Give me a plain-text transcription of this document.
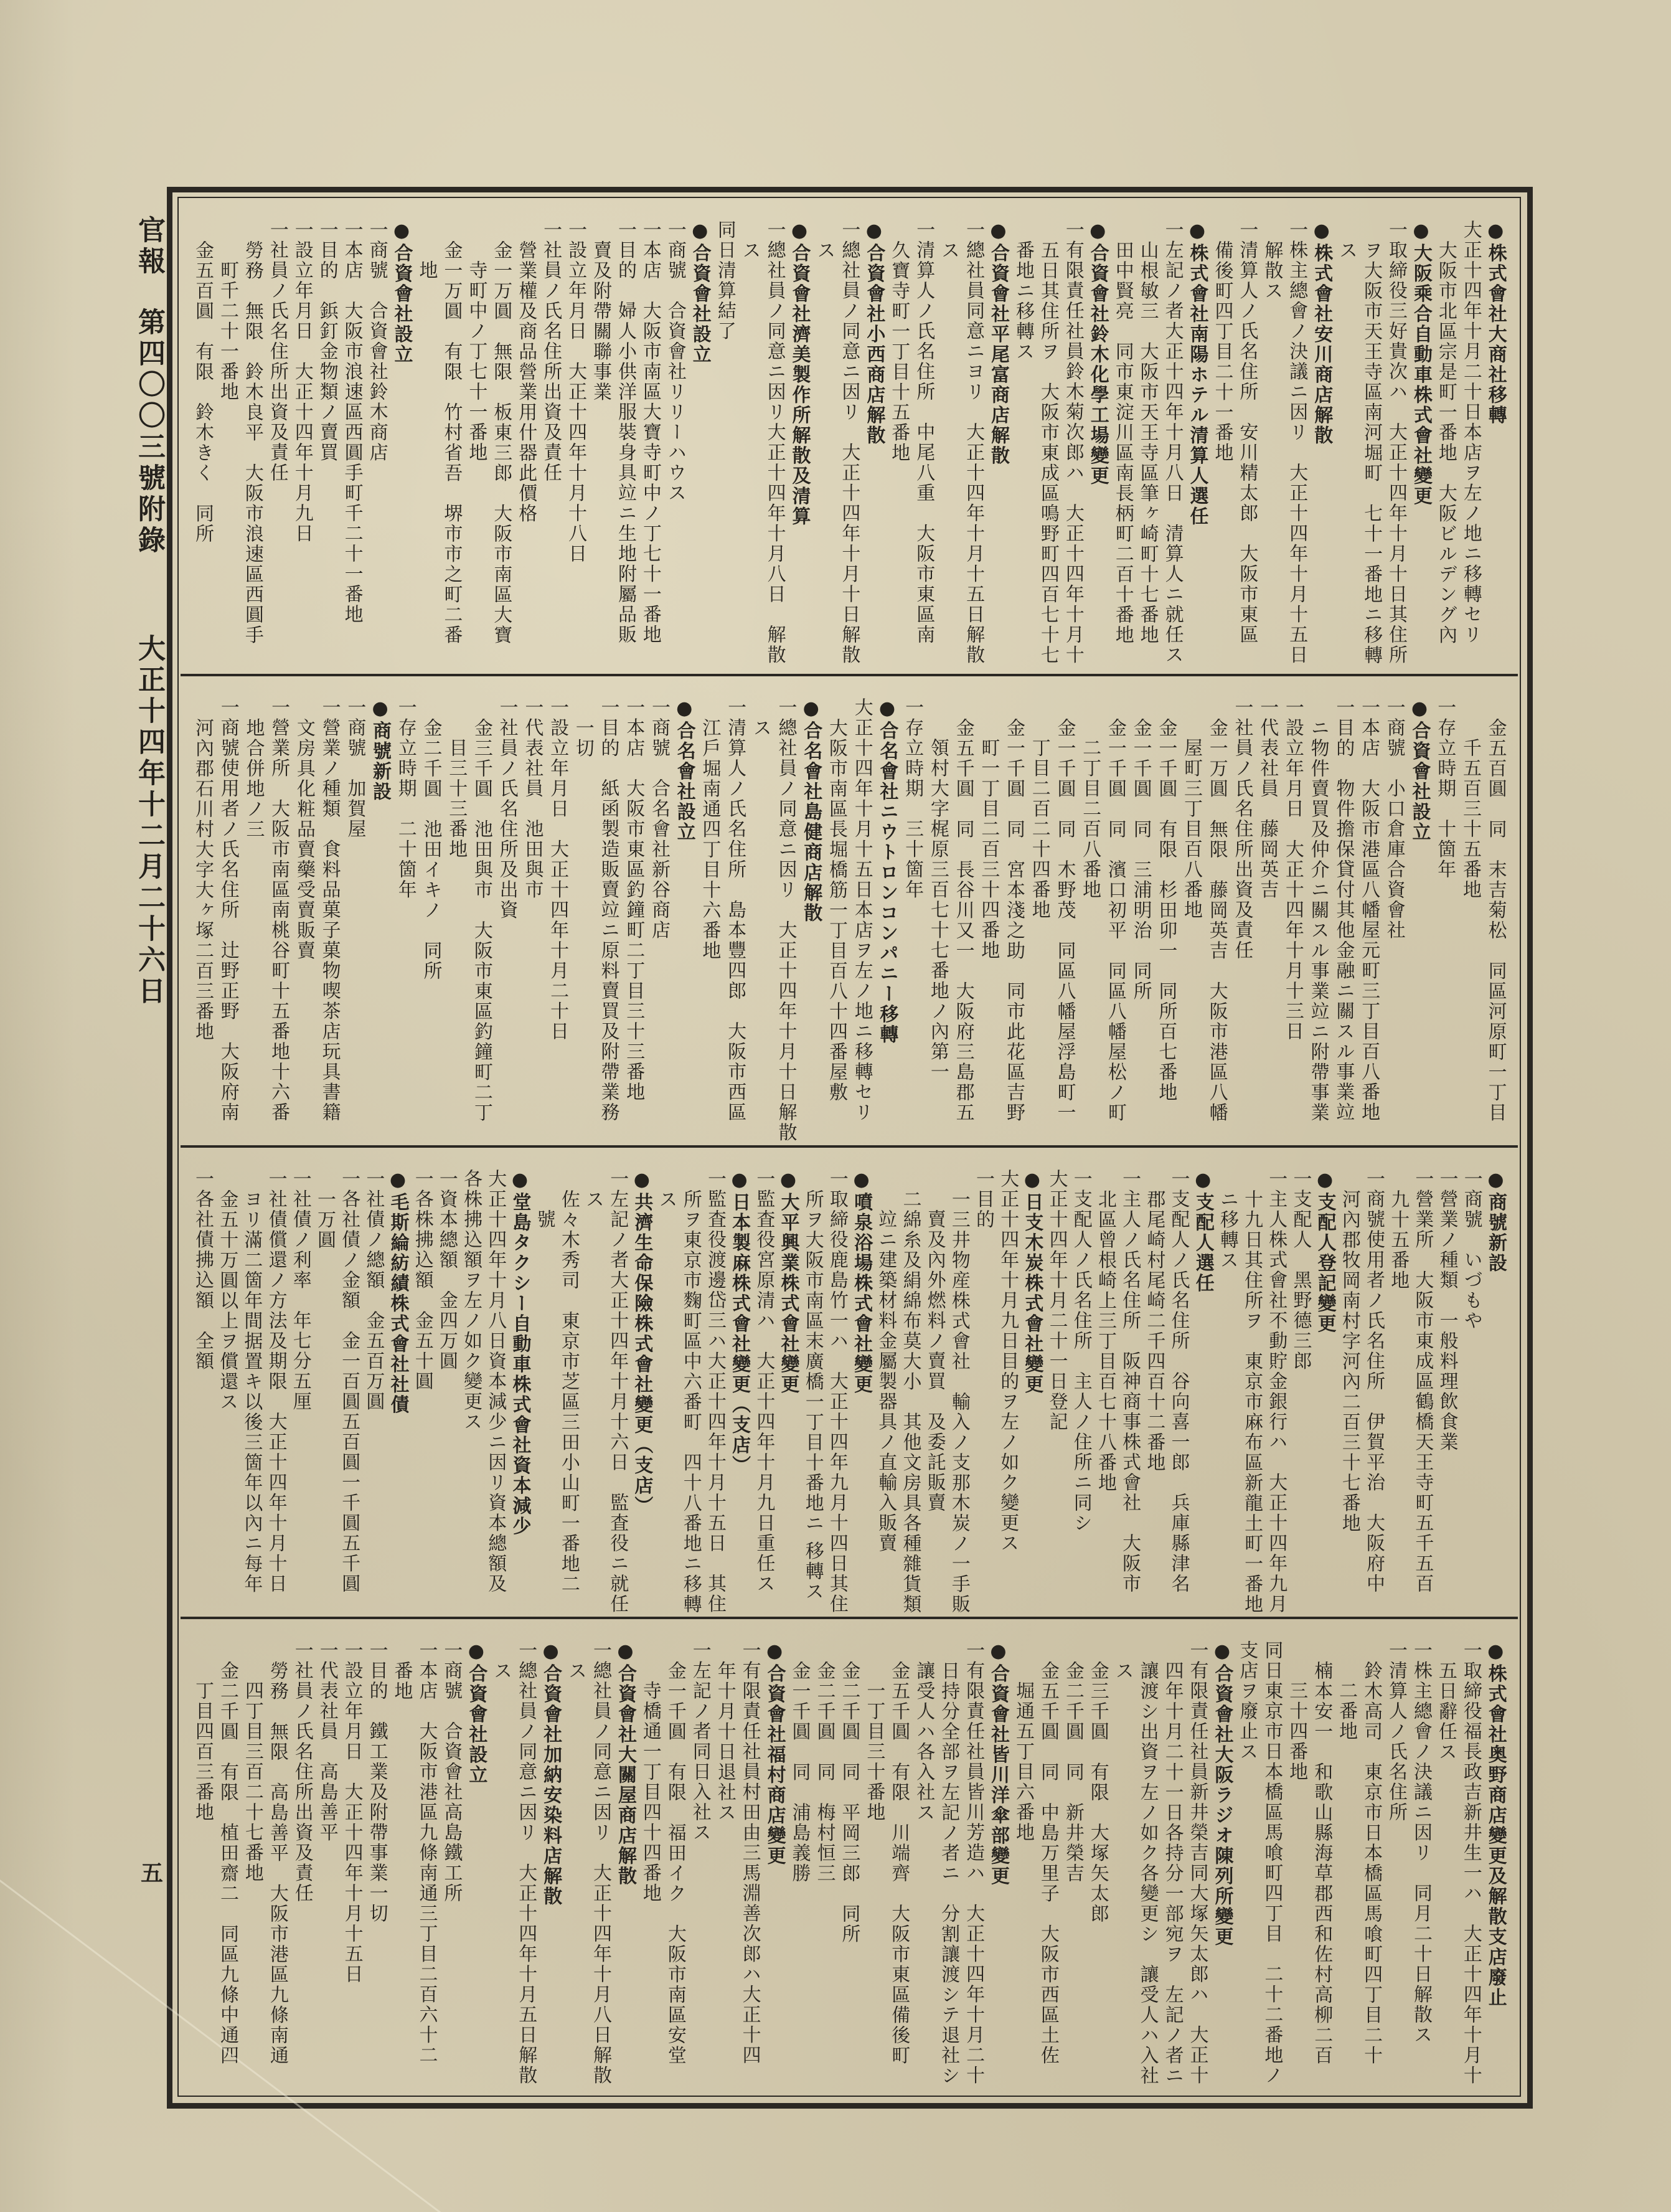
官報
第四〇〇三號附錄
大正十四年十二月二十六日
五
●株式會社大商社移轉
大正十四年十月二十日本店ヲ左ノ地ニ移轉セリ
大阪市北區宗是町一番地　大阪ビルデング內
●大阪乘合自動車株式會社變更
一取締役三好貴次ハ　大正十四年十月十日其住所
ヲ大阪市天王寺區南河堀町　七十一番地ニ移轉
ス
●株式會社安川商店解散
一株主總會ノ決議ニ因リ　大正十四年十月十五日
解散ス
一清算人ノ氏名住所　安川精太郎　大阪市東區
備後町四丁目二十一番地
●株式會社南陽ホテル清算人選任
一左記ノ者大正十四年十月八日　清算人ニ就任ス
山根敏三　大阪市天王寺區筆ヶ崎町十七番地
田中賢亮　同市東淀川區南長柄町二百十番地
●合資會社鈴木化學工場變更
一有限責任社員鈴木菊次郎ハ　大正十四年十月十
五日其住所ヲ　大阪市東成區鳴野町四百七十七
番地ニ移轉ス
●合資會社平尾富商店解散
一總社員同意ニヨリ　大正十四年十月十五日解散
ス
一清算人ノ氏名住所　中尾八重　大阪市東區南
久寶寺町一丁目十五番地
●合資會社小西商店解散
一總社員ノ同意ニ因リ　大正十四年十月十日解散
ス
●合資會社濟美製作所解散及清算
一總社員ノ同意ニ因リ大正十四年十月八日　解散
ス
同日清算結了
●合資會社設立
一商號　合資會社リリーハウス
一本店　大阪市南區大寶寺町中ノ丁七十一番地
一目的　婦人小供洋服裝身具竝ニ生地附屬品販
賣及附帶關聯事業
一設立年月日　大正十四年十月十八日
一社員ノ氏名住所出資及責任
營業權及商品營業用什器此價格
金一万圓　無限　板東三郎　大阪市南區大寶
寺町中ノ丁七十一番地
金一万圓　有限　竹村省吾　堺市市之町二番
地
●合資會社設立
一商號　合資會社鈴木商店
一本店　大阪市浪速區西圓手町千二十一番地
一目的　鋲釘金物類ノ賣買
一設立年月日　大正十四年十月九日
一社員ノ氏名住所出資及責任
勞務　無限　鈴木良平　大阪市浪速區西圓手
町千二十一番地
金五百圓　有限　鈴木きく　同所
金五百圓　同　末吉菊松　同區河原町一丁目
千五百三十五番地
一存立時期　十箇年
●合資會社設立
一商號　小口倉庫合資會社
一本店　大阪市港區八幡屋元町三丁目百八番地
一目的　物件擔保貸付其他金融ニ關スル事業竝
ニ物件賣買及仲介ニ關スル事業竝ニ附帶事業
一設立年月日　大正十四年十月十三日
一代表社員　藤岡英吉
一社員ノ氏名住所出資及責任
金一万圓　無限　藤岡英吉　大阪市港區八幡
屋町三丁目百八番地
金一千圓　有限　杉田卯一　同所百七番地
金一千圓　同　三浦明治　同所
金一千圓　同　濱口初平　同區八幡屋松ノ町
二丁目二百八番地
金一千圓　同　木野茂　同區八幡屋浮島町一
丁目二百二十四番地
金一千圓　同　宮本淺之助　同市此花區吉野
町一丁目二百三十四番地
金五千圓　同　長谷川又一　大阪府三島郡五
領村大字梶原三百七十七番地ノ內第一
一存立時期　三十箇年
●合名會社ニウトロンコンパニー移轉
大正十四年十月十五日本店ヲ左ノ地ニ移轉セリ
大阪市南區長堀橋筋一丁目百八十四番屋敷
●合名會社島健商店解散
一總社員ノ同意ニ因リ　大正十四年十月十日解散
ス
一清算人ノ氏名住所　島本豐四郎　大阪市西區
江戶堀南通四丁目十六番地
●合名會社設立
一商號　合名會社新谷商店
一本店　大阪市東區釣鐘町二丁目三十三番地
一目的　紙函製造販賣竝ニ原料賣買及附帶業務
一切
一設立年月日　大正十四年十月二十日
一代表社員　池田與市
一社員ノ氏名住所及出資
金三千圓　池田與市　大阪市東區釣鐘町二丁
目三十三番地
金二千圓　池田イキノ　同所
一存立時期　二十箇年
●商號新設
一商號　加賀屋
一營業ノ種類　食料品菓子菓物喫茶店玩具書籍
文房具化粧品賣藥受賣販賣
一營業所　大阪市南區南桃谷町十五番地十六番
地合併地ノ三
一商號使用者ノ氏名住所　辻野正野　大阪府南
河內郡石川村大字大ヶ塚二百三番地
●商號新設
一商號　いづもや
一營業ノ種類　一般料理飲食業
一營業所　大阪市東成區鶴橋天王寺町五千五百
九十五番地
一商號使用者ノ氏名住所　伊賀平治　大阪府中
河內郡牧岡南村字河內二百三十七番地
●支配人登記變更
一支配人　黑野德三郎
一主人株式會社不動貯金銀行ハ　大正十四年九月
十九日其住所ヲ　東京市麻布區新龍土町一番地
ニ移轉ス
●支配人選任
一支配人ノ氏名住所　谷向喜一郎　兵庫縣津名
郡尾崎村尾崎二千四百十二番地
一主人ノ氏名住所　阪神商事株式會社　大阪市
北區曾根崎上三丁目百七十八番地
一支配人ノ氏名住所　主人ノ住所ニ同シ
大正十四年十月二十一日登記
●日支木炭株式會社變更
大正十四年十月九日目的ヲ左ノ如ク變更ス
一目的
一三井物産株式會社　輸入ノ支那木炭ノ一手販
賣及內外燃料ノ賣買　及委託販賣
二綿糸及絹綿布莫大小　其他文房具各種雜貨類
竝ニ建築材料金屬製器具ノ直輸入販賣
●噴泉浴場株式會社變更
一取締役鹿島竹一ハ　大正十四年九月十四日其住
所ヲ大阪市南區末廣橋一丁目十番地ニ 移轉ス
●大平興業株式會社變更
一監査役宮原清ハ　大正十四年十月九日重任ス
●日本製麻株式會社變更（支店）
一監査役渡邊岱三ハ大正十四年十月十五日　其住
所ヲ東京市麴町區中六番町　四十八番地ニ移轉
ス
●共濟生命保險株式會社變更（支店）
一左記ノ者大正十四年十月十六日　監査役ニ就任
ス
佐々木秀司　東京市芝區三田小山町一番地二
號
●堂島タクシー自動車株式會社資本減少
大正十四年十月八日資本減少ニ因リ資本總額及
各株拂込額ヲ左ノ如ク變更ス
一資本總額　金四万圓
一各株拂込額　金五十圓
●毛斯綸紡績株式會社社債
一社債ノ總額　金五百万圓
一各社債ノ金額　金一百圓五百圓一千圓五千圓
一万圓
一社債ノ利率　年七分五厘
一社債償還ノ方法及期限　大正十四年十月十日
ヨリ滿二箇年間据置キ以後三箇年以內ニ每年
金五十万圓以上ヲ償還ス
一各社債拂込額　全額
●株式會社奥野商店變更及解散支店廢止
一取締役福長政吉新井生一ハ　大正十四年十月十
五日辭任ス
一株主總會ノ決議ニ因リ　同月二十日解散ス
一清算人ノ氏名住所
鈴木高司　東京市日本橋區馬喰町四丁目二十
二番地
楠本安一　和歌山縣海草郡西和佐村高柳二百
三十四番地
同日東京市日本橋區馬喰町四丁目　二十二番地ノ
支店ヲ廢止ス
●合資會社大阪ラジオ陳列所變更
一有限責任社員新井榮吉同大塚矢太郎ハ　大正十
四年十月二十一日各持分一部宛ヲ　左記ノ者ニ
讓渡シ出資ヲ左ノ如ク各變更シ　讓受人ハ入社
ス
金三千圓　有限　大塚矢太郎
金二千圓　同　新井榮吉
金五千圓　同　中島万里子　大阪市西區土佐
堀通五丁目六番地
●合資會社皆川洋傘部變更
一有限責任社員皆川芳造ハ　大正十四年十月二十
日持分全部ヲ左記ノ者ニ　分割讓渡シテ退社シ
讓受人ハ各入社ス
金五千圓　有限　川端齊　大阪市東區備後町
一丁目三十番地
金二千圓　同　平岡三郎　同所
金二千圓　同　梅村恒三
金一千圓　同　浦島義勝
●合資會社福村商店變更
一有限責任社員村田由三馬淵善次郎ハ大正十四
年十月十日退社ス
一左記ノ者同日入社ス
金一千圓　有限　福田イク　大阪市南區安堂
寺橋通一丁目四十四番地
●合資會社大關屋商店解散
一總社員ノ同意ニ因リ　大正十四年十月八日解散
ス
●合資會社加納安染料店解散
一總社員ノ同意ニ因リ　大正十四年十月五日解散
ス
●合資會社設立
一商號　合資會社高島鐵工所
一本店　大阪市港區九條南通三丁目二百六十二
番地
一目的　鐵工業及附帶事業一切
一設立年月日　大正十四年十月十五日
一代表社員　高島善平
一社員ノ氏名住所出資及責任
勞務　無限　高島善平　大阪市港區九條南通
四丁目三百二十七番地
金二千圓　有限　植田齋二　同區九條中通四
丁目四百三番地
